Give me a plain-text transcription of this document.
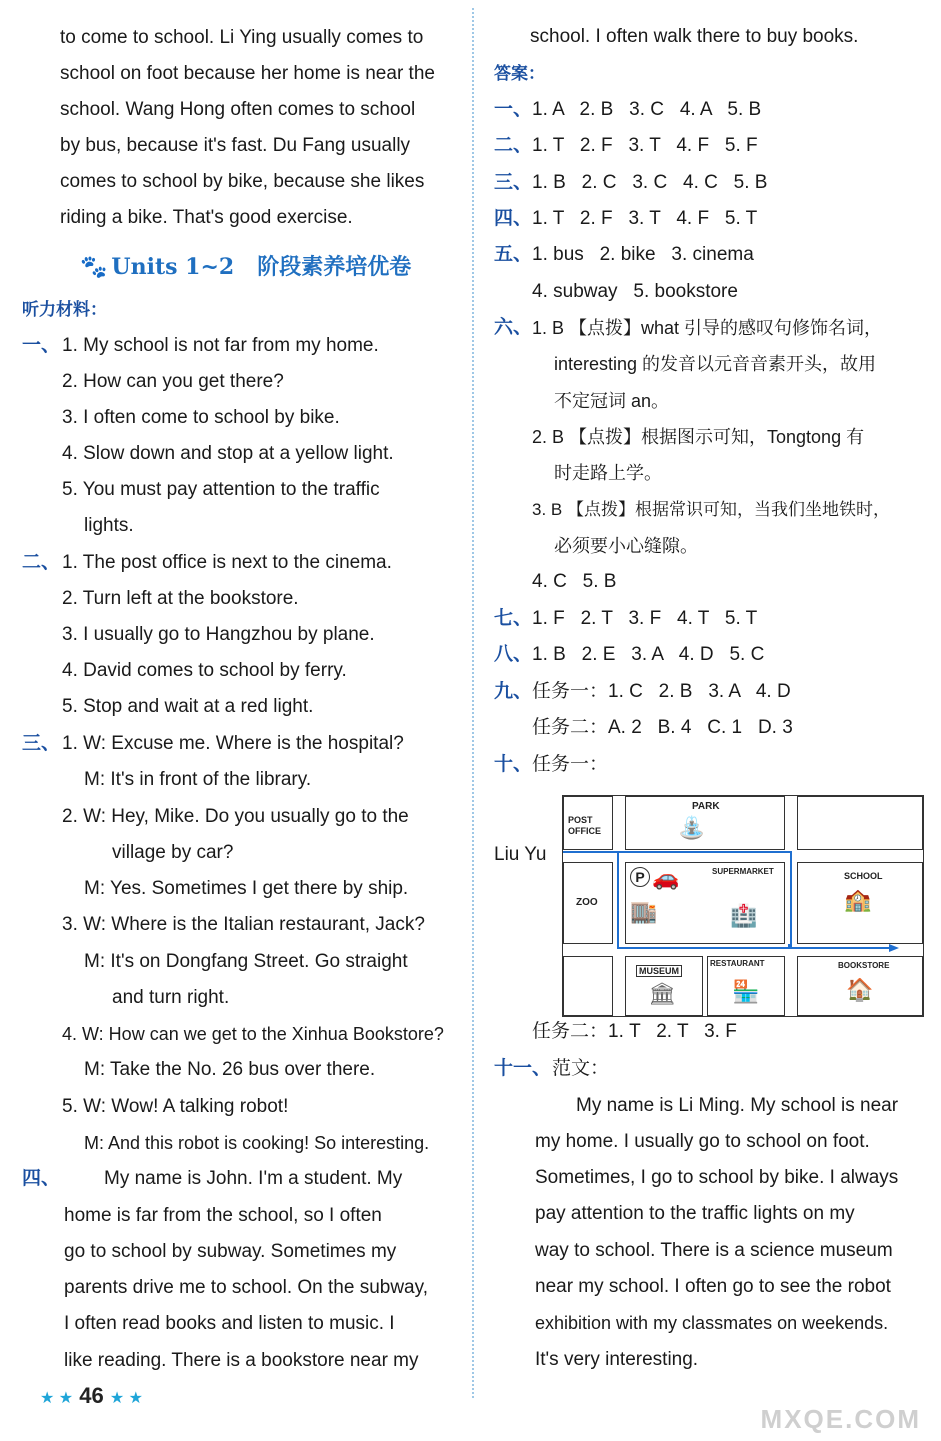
to come to school. Li Ying usually comes to
school on foot because her home is near the
school. Wang Hong often comes to school
by bus, because it's fast. Du Fang usually
comes to school by bike, because she likes
riding a bike. That's good exercise.
🐾 Units 1~2 阶段素养培优卷
听力材料：
一、 1. My school is not far from my home.
2. How can you get there?
3. I often come to school by bike.
4. Slow down and stop at a yellow light.
5. You must pay attention to the traffic
lights.
二、 1. The post office is next to the cinema.
2. Turn left at the bookstore.
3. I usually go to Hangzhou by plane.
4. David comes to school by ferry.
5. Stop and wait at a red light.
三、 1. W: Excuse me. Where is the hospital?
M: It's in front of the library.
2. W: Hey, Mike. Do you usually go to the
village by car?
M: Yes. Sometimes I get there by ship.
3. W: Where is the Italian restaurant, Jack?
M: It's on Dongfang Street. Go straight
and turn right.
4. W: How can we get to the Xinhua Bookstore?
M: Take the No. 26 bus over there.
5. W: Wow! A talking robot!
M: And this robot is cooking! So interesting.
四、 My name is John. I'm a student. My
home is far from the school, so I often
go to school by subway. Sometimes my
parents drive me to school. On the subway,
I often read books and listen to music. I
like reading. There is a bookstore near my
school. I often walk there to buy books.
答案：
一、 1. A   2. B   3. C   4. A   5. B
二、 1. T   2. F   3. T   4. F   5. F
三、 1. B   2. C   3. C   4. C   5. B
四、 1. T   2. F   3. T   4. F   5. T
五、 1. bus   2. bike   3. cinema
4. subway   5. bookstore
六、 1. B 【点拨】what 引导的感叹句修饰名词，
interesting 的发音以元音音素开头，故用
不定冠词 an。
2. B 【点拨】根据图示可知，Tongtong 有
时走路上学。
3. B 【点拨】根据常识可知，当我们坐地铁时，
必须要小心缝隙。
4. C   5. B
七、 1. F   2. T   3. F   4. T   5. T
八、 1. B   2. E   3. A   4. D   5. C
九、 任务一：1. C   2. B   3. A   4. D
任务二：A. 2   B. 4   C. 1   D. 3
十、 任务一：
Liu Yu
POST OFFICE
PARK
⛲
ZOO
P 🚗
🏬
SUPERMARKET
🏥
SCHOOL
🏫
MUSEUM
🏛
RESTAURANT
🏪
BOOKSTORE
🏠
任务二：1. T   2. T   3. F
十一、 范文：
My name is Li Ming. My school is near
my home. I usually go to school on foot.
Sometimes, I go to school by bike. I always
pay attention to the traffic lights on my
way to school. There is a science museum
near my school. I often go to see the robot
exhibition with my classmates on weekends.
It's very interesting.
★ ★ 46 ★ ★
MXQE.COM
